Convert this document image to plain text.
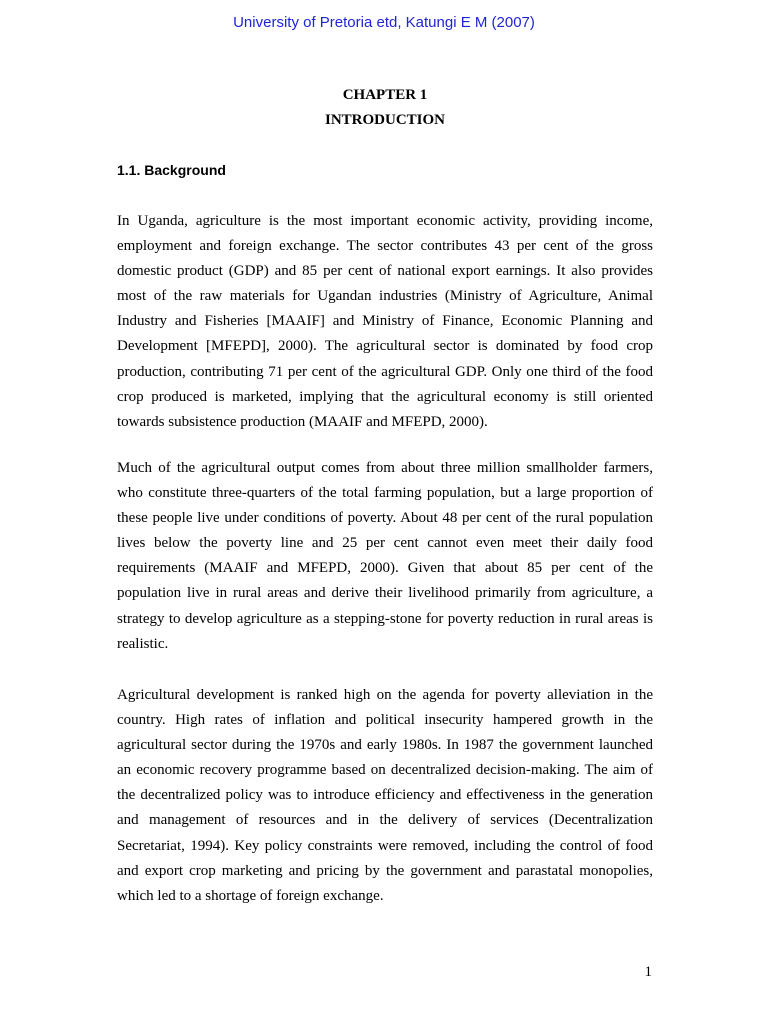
University of Pretoria etd, Katungi E M (2007)
CHAPTER 1
INTRODUCTION
1.1. Background

In Uganda, agriculture is the most important economic activity, providing income, employment and foreign exchange. The sector contributes 43 per cent of the gross domestic product (GDP) and 85 per cent of national export earnings. It also provides most of the raw materials for Ugandan industries (Ministry of Agriculture, Animal Industry and Fisheries [MAAIF] and Ministry of Finance, Economic Planning and Development [MFEPD], 2000). The agricultural sector is dominated by food crop production, contributing 71 per cent of the agricultural GDP. Only one third of the food crop produced is marketed, implying that the agricultural economy is still oriented towards subsistence production (MAAIF and MFEPD, 2000).

Much of the agricultural output comes from about three million smallholder farmers, who constitute three-quarters of the total farming population, but a large proportion of these people live under conditions of poverty. About 48 per cent of the rural population lives below the poverty line and 25 per cent cannot even meet their daily food requirements (MAAIF and MFEPD, 2000). Given that about 85 per cent of the population live in rural areas and derive their livelihood primarily from agriculture, a strategy to develop agriculture as a stepping-stone for poverty reduction in rural areas is realistic.

Agricultural development is ranked high on the agenda for poverty alleviation in the country. High rates of inflation and political insecurity hampered growth in the agricultural sector during the 1970s and early 1980s. In 1987 the government launched an economic recovery programme based on decentralized decision-making. The aim of the decentralized policy was to introduce efficiency and effectiveness in the generation and management of resources and in the delivery of services (Decentralization Secretariat, 1994). Key policy constraints were removed, including the control of food and export crop marketing and pricing by the government and parastatal monopolies, which led to a shortage of foreign exchange.

1
